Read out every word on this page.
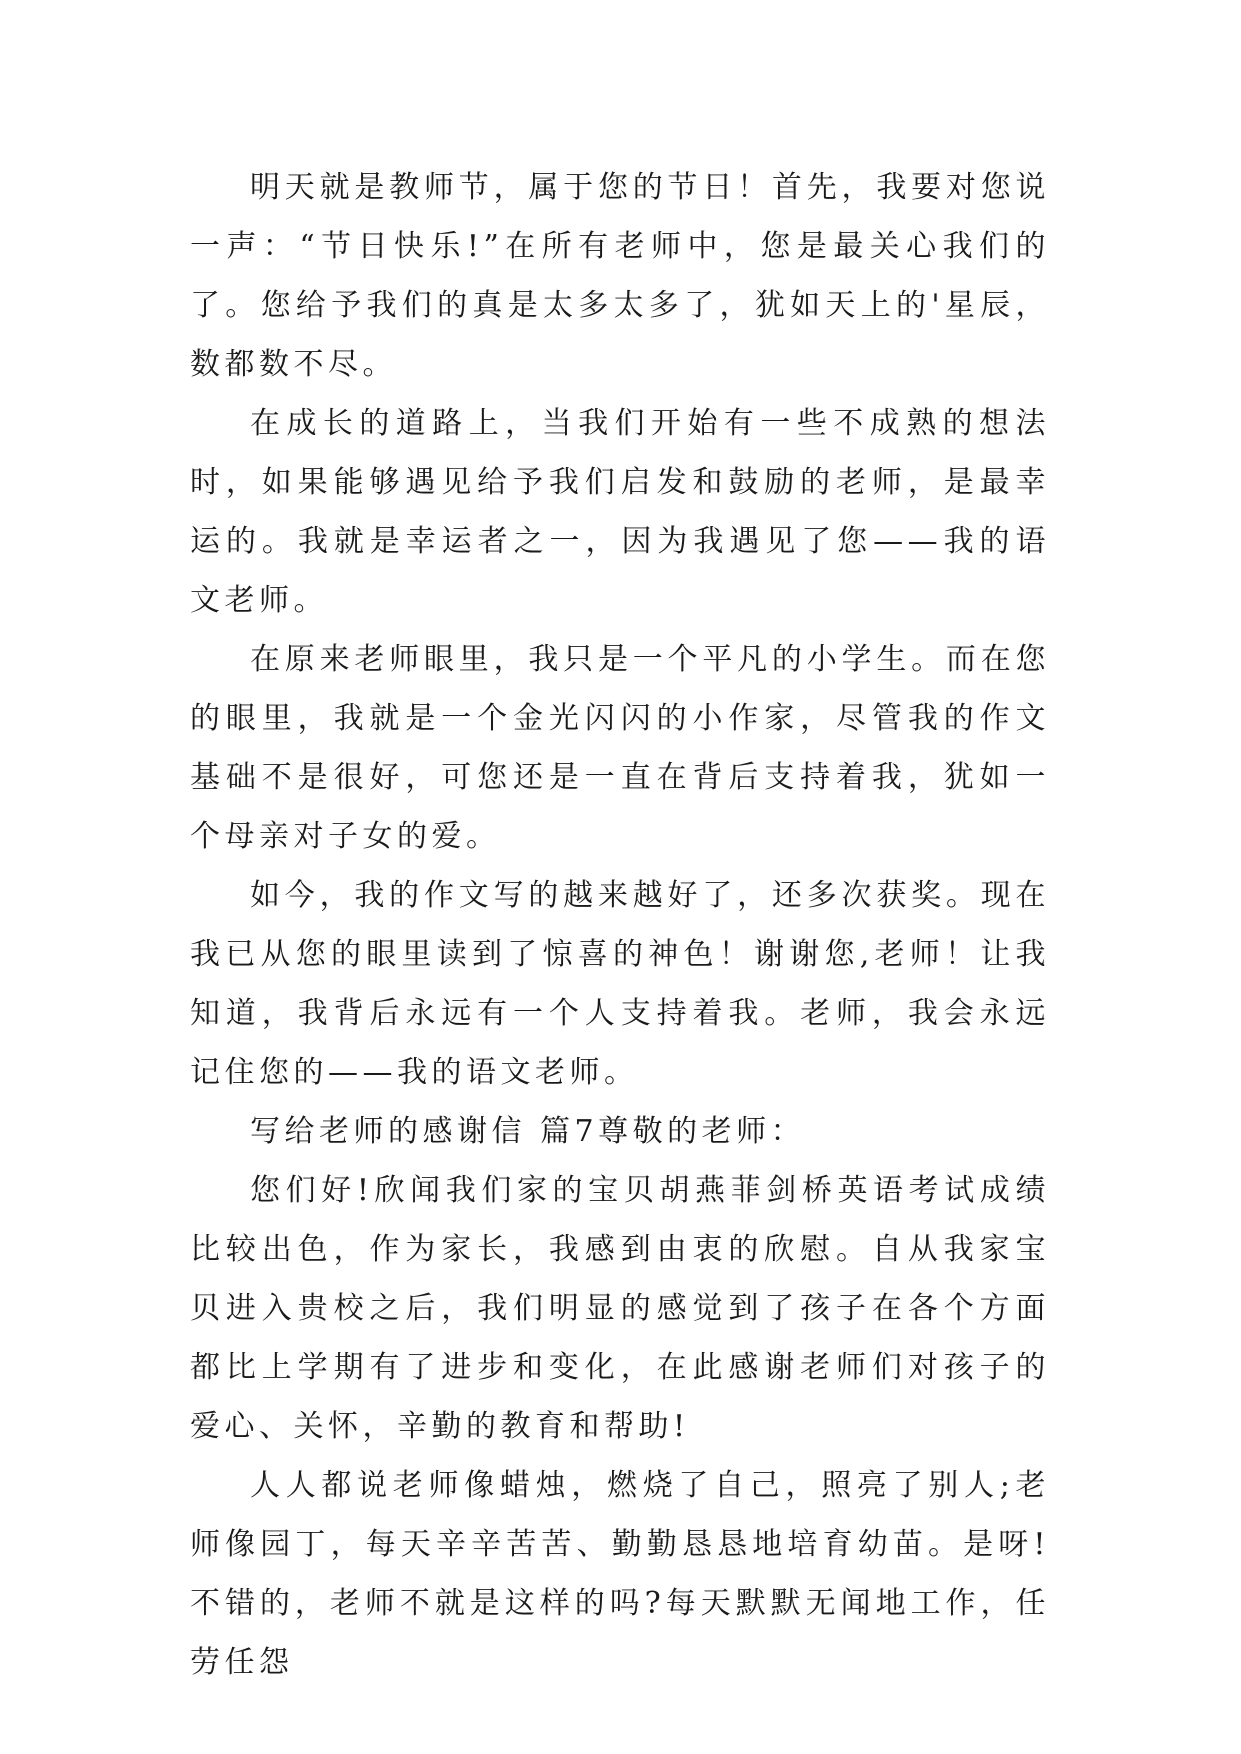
明天就是教师节，属于您的节日！首先，我要对您说一声：“节日快乐!”在所有老师中，您是最关心我们的了。您给予我们的真是太多太多了，犹如天上的'星辰，数都数不尽。

在成长的道路上，当我们开始有一些不成熟的想法时，如果能够遇见给予我们启发和鼓励的老师，是最幸运的。我就是幸运者之一，因为我遇见了您——我的语文老师。

在原来老师眼里，我只是一个平凡的小学生。而在您的眼里，我就是一个金光闪闪的小作家，尽管我的作文基础不是很好，可您还是一直在背后支持着我，犹如一个母亲对子女的爱。

如今，我的作文写的越来越好了，还多次获奖。现在我已从您的眼里读到了惊喜的神色！谢谢您,老师！让我知道，我背后永远有一个人支持着我。老师，我会永远记住您的——我的语文老师。

写给老师的感谢信 篇7尊敬的老师：

您们好!欣闻我们家的宝贝胡燕菲剑桥英语考试成绩比较出色，作为家长，我感到由衷的欣慰。自从我家宝贝进入贵校之后，我们明显的感觉到了孩子在各个方面都比上学期有了进步和变化，在此感谢老师们对孩子的爱心、关怀，辛勤的教育和帮助!

人人都说老师像蜡烛，燃烧了自己，照亮了别人;老师像园丁，每天辛辛苦苦、勤勤恳恳地培育幼苗。是呀!不错的，老师不就是这样的吗?每天默默无闻地工作，任劳任怨
